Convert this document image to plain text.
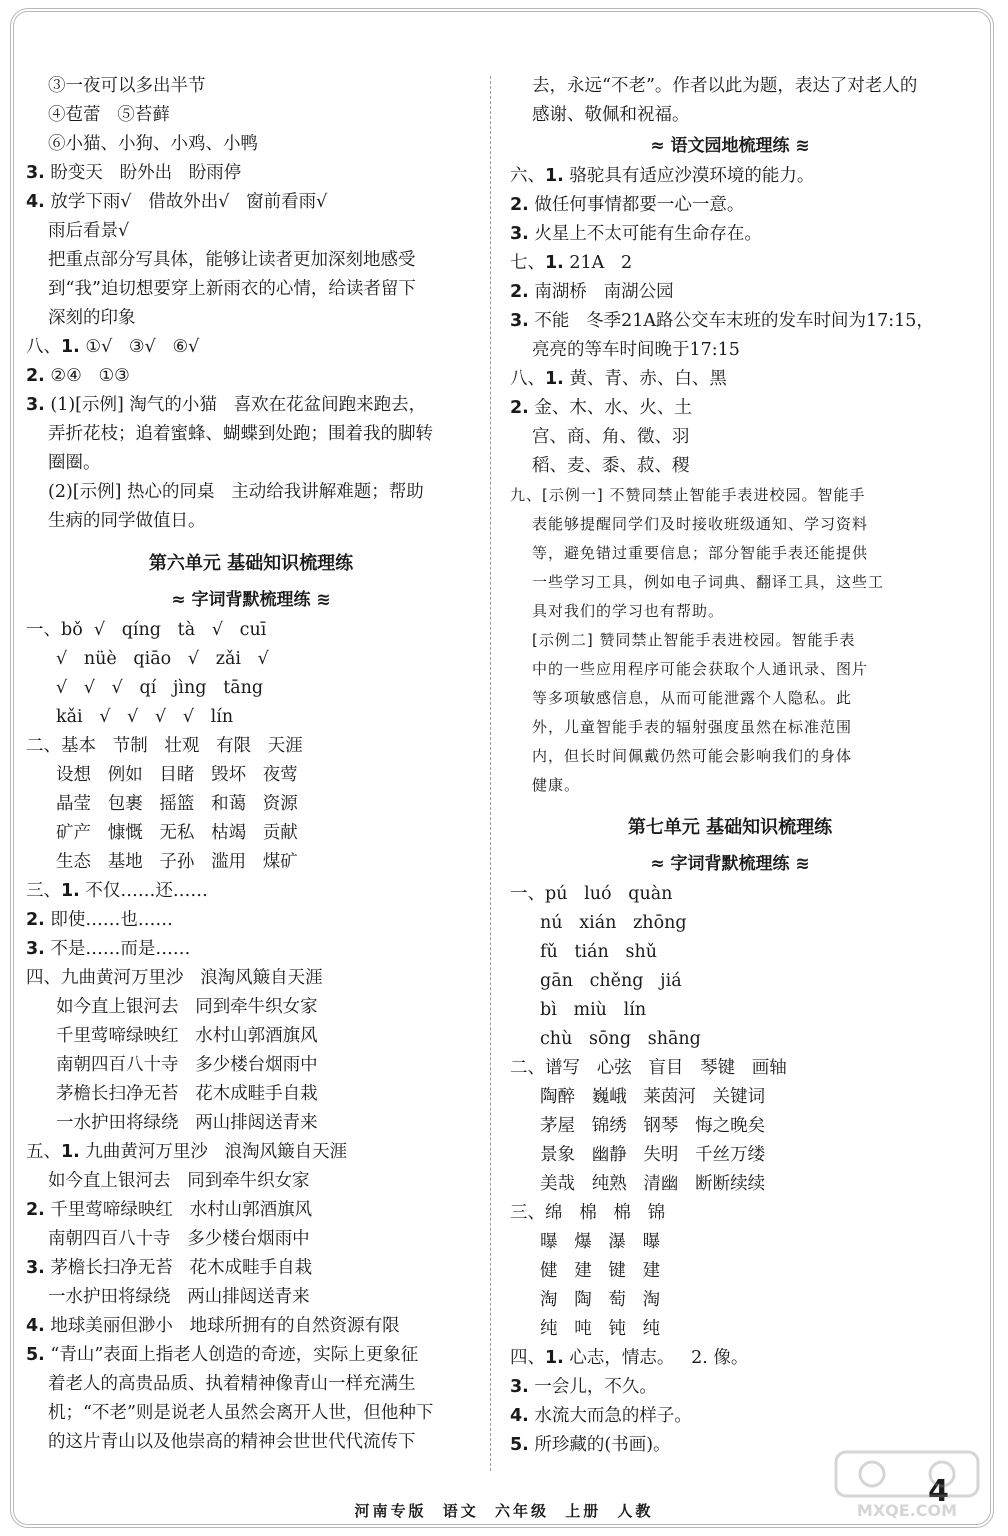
③一夜可以多出半节
④苞蕾   ⑤苔藓
⑥小猫、小狗、小鸡、小鸭
3. 盼变天   盼外出   盼雨停
4. 放学下雨√   借故外出√   窗前看雨√
雨后看景√
把重点部分写具体，能够让读者更加深刻地感受
到“我”迫切想要穿上新雨衣的心情，给读者留下
深刻的印象
八、1. ①√   ③√   ⑥√
2. ②④   ①③
3. (1)[示例] 淘气的小猫   喜欢在花盆间跑来跑去，
弄折花枝；追着蜜蜂、蝴蝶到处跑；围着我的脚转
圈圈。
(2)[示例] 热心的同桌   主动给我讲解难题；帮助
生病的同学做值日。
第六单元 基础知识梳理练
≈ 字词背默梳理练 ≋
一、bǒ  √   qíng   tà   √   cuī
√   nüè   qiāo   √   zǎi   √
√   √   √   qí   jìng   tāng
kǎi   √   √   √   √   lín
二、基本   节制   壮观   有限   天涯
设想   例如   目睹   毁坏   夜莺
晶莹   包裹   摇篮   和蔼   资源
矿产   慷慨   无私   枯竭   贡献
生态   基地   子孙   滥用   煤矿
三、1. 不仅……还……
2. 即使……也……
3. 不是……而是……
四、九曲黄河万里沙   浪淘风簸自天涯
如今直上银河去   同到牵牛织女家
千里莺啼绿映红   水村山郭酒旗风
南朝四百八十寺   多少楼台烟雨中
茅檐长扫净无苔   花木成畦手自栽
一水护田将绿绕   两山排闼送青来
五、1. 九曲黄河万里沙   浪淘风簸自天涯
如今直上银河去   同到牵牛织女家
2. 千里莺啼绿映红   水村山郭酒旗风
南朝四百八十寺   多少楼台烟雨中
3. 茅檐长扫净无苔   花木成畦手自栽
一水护田将绿绕   两山排闼送青来
4. 地球美丽但渺小   地球所拥有的自然资源有限
5. “青山”表面上指老人创造的奇迹，实际上更象征
着老人的高贵品质、执着精神像青山一样充满生
机；“不老”则是说老人虽然会离开人世，但他种下
的这片青山以及他崇高的精神会世世代代流传下
去，永远“不老”。作者以此为题，表达了对老人的
感谢、敬佩和祝福。
≈ 语文园地梳理练 ≋
六、1. 骆驼具有适应沙漠环境的能力。
2. 做任何事情都要一心一意。
3. 火星上不太可能有生命存在。
七、1. 21A   2
2. 南湖桥   南湖公园
3. 不能   冬季21A路公交车末班的发车时间为17:15，
亮亮的等车时间晚于17:15
八、1. 黄、青、赤、白、黑
2. 金、木、水、火、土
宫、商、角、徵、羽
稻、麦、黍、菽、稷
九、[示例一] 不赞同禁止智能手表进校园。智能手
表能够提醒同学们及时接收班级通知、学习资料
等，避免错过重要信息；部分智能手表还能提供
一些学习工具，例如电子词典、翻译工具，这些工
具对我们的学习也有帮助。
[示例二] 赞同禁止智能手表进校园。智能手表
中的一些应用程序可能会获取个人通讯录、图片
等多项敏感信息，从而可能泄露个人隐私。此
外，儿童智能手表的辐射强度虽然在标准范围
内，但长时间佩戴仍然可能会影响我们的身体
健康。
第七单元 基础知识梳理练
≈ 字词背默梳理练 ≋
一、pú   luó   quàn
nú   xián   zhōng
fǔ   tián   shǔ
gān   chěng   jiá
bì   miù   lín
chù   sōng   shāng
二、谱写   心弦   盲目   琴键   画轴
陶醉   巍峨   莱茵河   关键词
茅屋   锦绣   钢琴   悔之晚矣
景象   幽静   失明   千丝万缕
美哉   纯熟   清幽   断断续续
三、绵   棉   棉   锦
曝   爆   瀑   曝
健   建   键   建
淘   陶   萄   淘
纯   吨   钝   纯
四、1. 心志，情志。   2. 像。
3. 一会儿，不久。
4. 水流大而急的样子。
5. 所珍藏的(书画)。
河南专版 语文 六年级 上册 人教
4
MXQE.COM
